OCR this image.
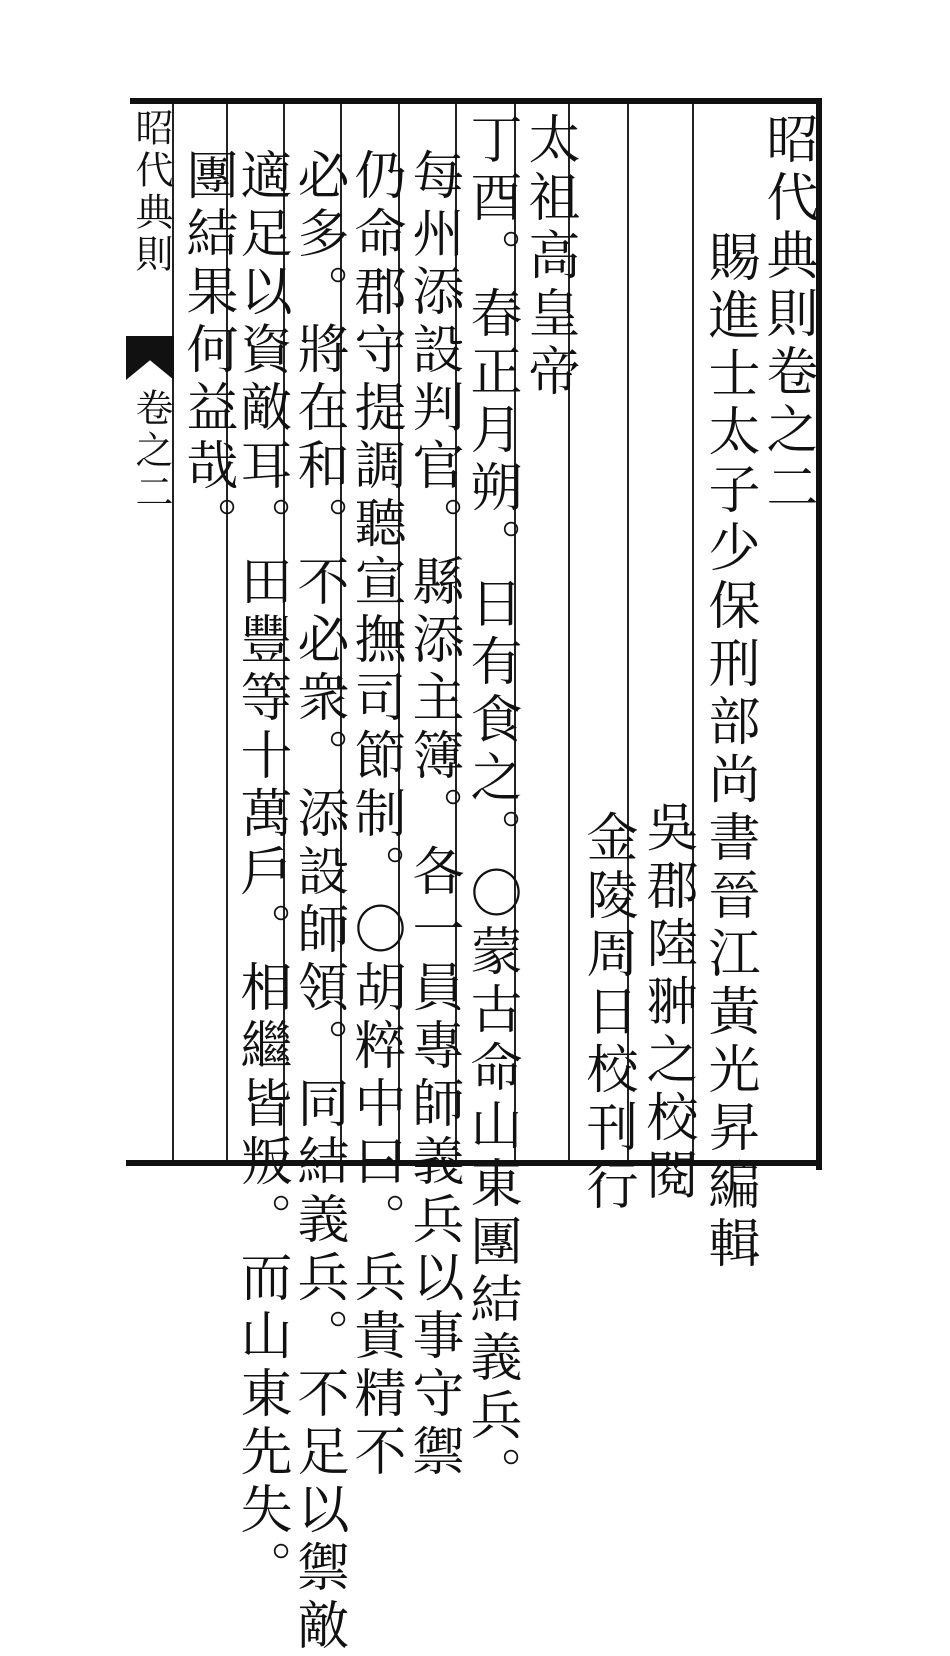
昭代典則卷之二
賜進士太子少保刑部尚書晉江黃光昇編輯
吳郡陸翀之校閱
金陵周日校刊行
太祖高皇帝
丁酉。春正月朔。日有食之。〇蒙古命山東團結義兵。
每州添設判官。縣添主簿。各一員專師義兵以事守禦
仍命郡守提調聽宣撫司節制。〇胡粹中曰。兵貴精不
必多。將在和。不必衆。添設師領。同結義兵。不足以禦敵
適足以資敵耳。田豐等十萬戶。相繼皆叛。而山東先失。
團結果何益哉。
昭代典則
卷之二
